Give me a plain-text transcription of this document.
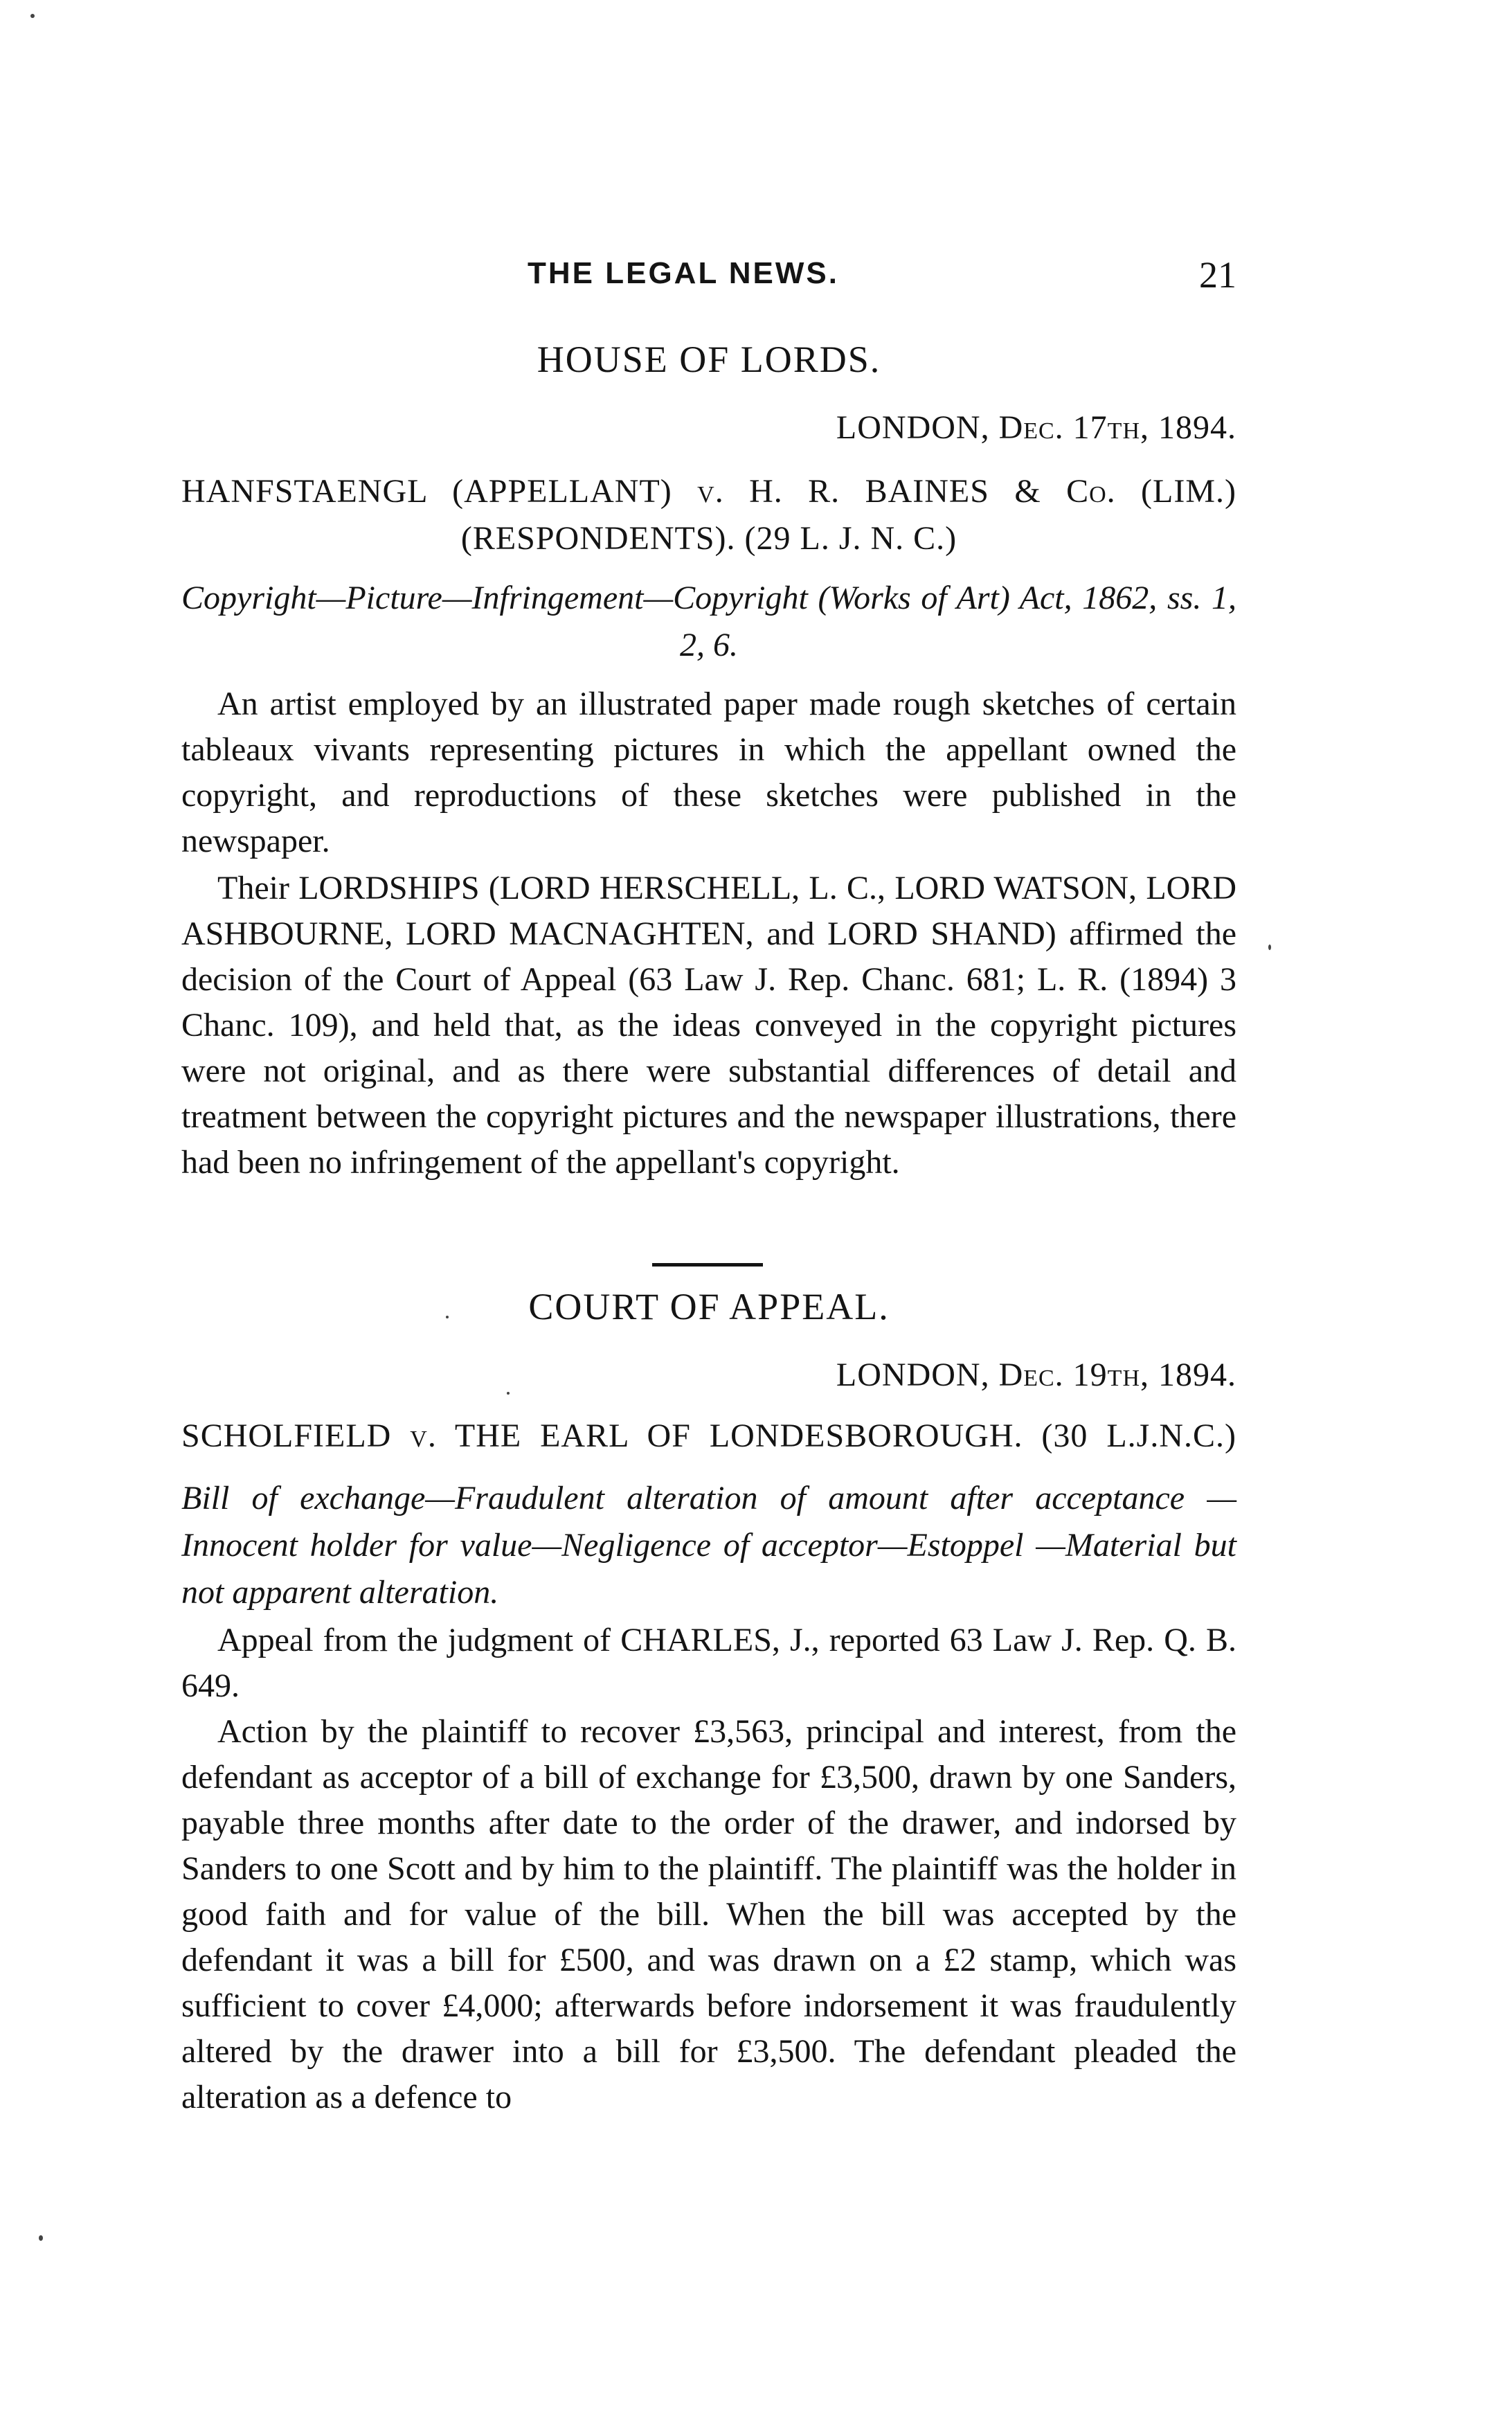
THE LEGAL NEWS.	21
HOUSE OF LORDS.
LONDON, Dec. 17th, 1894.
HANFSTAENGL (APPELLANT) v. H. R. BAINES & Co. (LIM.) (RESPONDENTS). (29 L. J. N. C.)
Copyright—Picture—Infringement—Copyright (Works of Art) Act, 1862, ss. 1, 2, 6.
An artist employed by an illustrated paper made rough sketches of certain tableaux vivants representing pictures in which the appellant owned the copyright, and reproductions of these sketches were published in the newspaper.
Their LORDSHIPS (LORD HERSCHELL, L. C., LORD WATSON, LORD ASHBOURNE, LORD MACNAGHTEN, and LORD SHAND) affirmed the decision of the Court of Appeal (63 Law J. Rep. Chanc. 681; L. R. (1894) 3 Chanc. 109), and held that, as the ideas conveyed in the copyright pictures were not original, and as there were substantial differences of detail and treatment between the copyright pictures and the newspaper illustrations, there had been no infringement of the appellant's copyright.
COURT OF APPEAL.
LONDON, Dec. 19th, 1894.
SCHOLFIELD v. THE EARL OF LONDESBOROUGH. (30 L.J.N.C.)
Bill of exchange—Fraudulent alteration of amount after acceptance —Innocent holder for value—Negligence of acceptor—Estoppel —Material but not apparent alteration.
Appeal from the judgment of CHARLES, J., reported 63 Law J. Rep. Q. B. 649.
Action by the plaintiff to recover £3,563, principal and interest, from the defendant as acceptor of a bill of exchange for £3,500, drawn by one Sanders, payable three months after date to the order of the drawer, and indorsed by Sanders to one Scott and by him to the plaintiff. The plaintiff was the holder in good faith and for value of the bill. When the bill was accepted by the defendant it was a bill for £500, and was drawn on a £2 stamp, which was sufficient to cover £4,000; afterwards before indorsement it was fraudulently altered by the drawer into a bill for £3,500. The defendant pleaded the alteration as a defence to
